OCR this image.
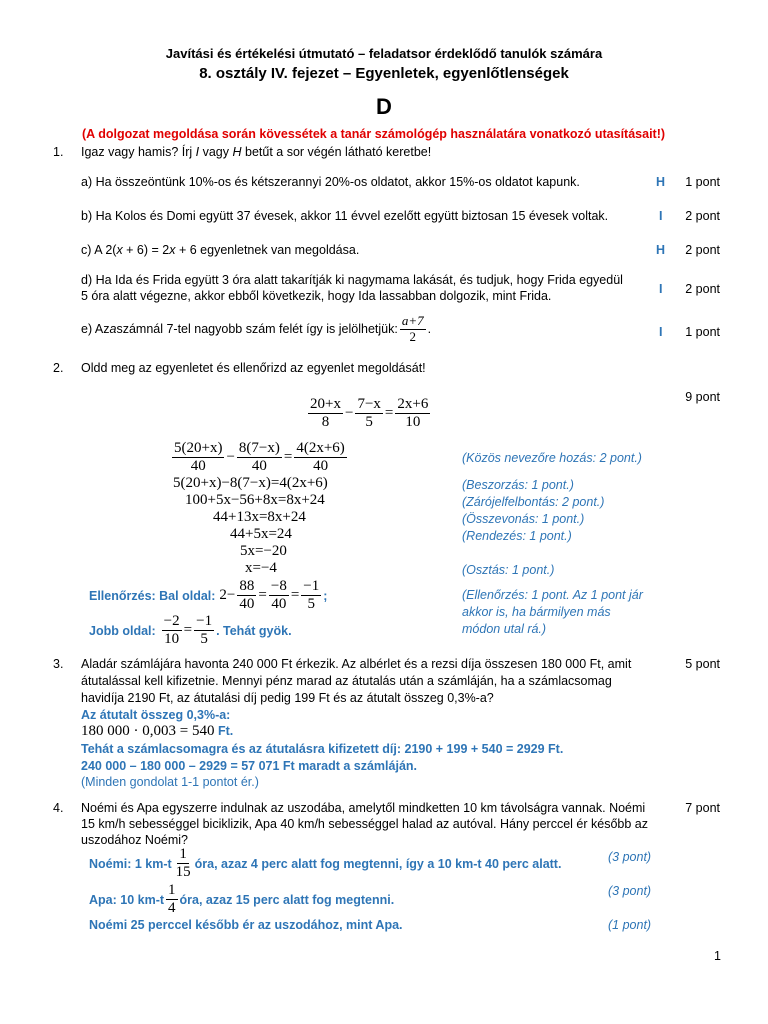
Javítási és értékelési útmutató – feladatsor érdeklődő tanulók számára
8. osztály IV. fejezet – Egyenletek, egyenlőtlenségek
D
(A dolgozat megoldása során kövessétek a tanár számológép használatára vonatkozó utasításait!)
1. Igaz vagy hamis? Írj I vagy H betűt a sor végén látható keretbe!
a) Ha összeöntünk 10%-os és kétszerannyi 20%-os oldatot, akkor 15%-os oldatot kapunk.	H	1 pont
b) Ha Kolos és Domi együtt 37 évesek, akkor 11 évvel ezelőtt együtt biztosan 15 évesek voltak.	I	2 pont
c) A 2(x + 6) = 2x + 6 egyenletnek van megoldása.	H	2 pont
d) Ha Ida és Frida együtt 3 óra alatt takarítják ki nagymama lakását, és tudjuk, hogy Frida egyedül
5 óra alatt végezne, akkor ebből következik, hogy Ida lassabban dolgozik, mint Frida.	I	2 pont
e) Az a számnál 7-tel nagyobb szám felét így is jelölhetjük: $\frac{a+7}{2}$ .	I	1 pont
2. Oldd meg az egyenletet és ellenőrizd az egyenlet megoldását!
9 pont
$\frac{20+x}{8} - \frac{7-x}{5} = \frac{2x+6}{10}$
$\frac{5(20+x)}{40} - \frac{8(7-x)}{40} = \frac{4(2x+6)}{40}$
5(20+x)−8(7−x)=4(2x+6)
100+5x−56+8x=8x+24
44+13x=8x+24
44+5x=24
5x=−20
x=−4
(Közös nevezőre hozás: 2 pont.)
(Beszorzás: 1 pont.)
(Zárójelfelbontás: 2 pont.)
(Összevonás: 1 pont.)
(Rendezés: 1 pont.)
(Osztás: 1 pont.)
Ellenőrzés: Bal oldal: $2- \frac{88}{40} = \frac{-8}{40} = \frac{-1}{5}$ ;
Jobb oldal: $\frac{-2}{10} = \frac{-1}{5}$ . Tehát gyök.
(Ellenőrzés: 1 pont. Az 1 pont jár
akkor is, ha bármilyen más
módon utal rá.)
3.	5 pont
Aladár számlájára havonta 240 000 Ft érkezik. Az albérlet és a rezsi díja összesen 180 000 Ft, amit
átutalással kell kifizetnie. Mennyi pénz marad az átutalás után a számláján, ha a számlacsomag
havidíja 2190 Ft, az átutalási díj pedig 199 Ft és az átutalt összeg 0,3%-a?
Az átutalt összeg 0,3%-a:
180 000 · 0,003 = 540 Ft.
Tehát a számlacsomagra és az átutalásra kifizetett díj: 2190 + 199 + 540 = 2929 Ft.
240 000 – 180 000 – 2929 = 57 071 Ft maradt a számláján.
(Minden gondolat 1-1 pontot ér.)
4.	7 pont
Noémi és Apa egyszerre indulnak az uszodába, amelytől mindketten 10 km távolságra vannak. Noémi
15 km/h sebességgel biciklizik, Apa 40 km/h sebességgel halad az autóval. Hány perccel ér később az
uszodához Noémi?
Noémi: 1 $km-t \frac{1}{15}$ óra, azaz 4 perc alatt fog megtenni, így a 10 km-t 40 perc alatt.	(3 pont)
Apa: 10 $km-t \frac{1}{4}$ óra, azaz 15 perc alatt fog megtenni.
(3 pont)
Noémi 25 perccel később ér az uszodához, mint Apa.	(1 pont)
1
